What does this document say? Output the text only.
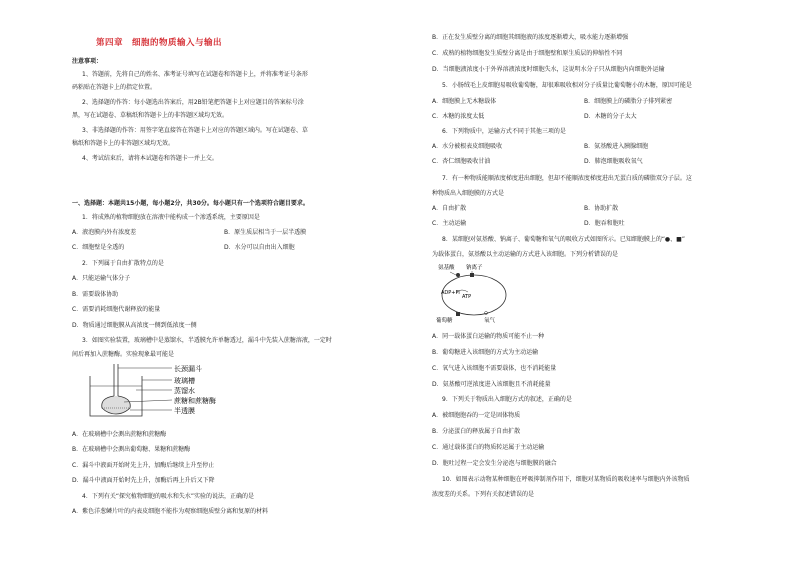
第四章　细胞的物质输入与输出
注意事项：
1、答题前，先将自己的姓名、准考证号填写在试题卷和答题卡上，并将准考证号条形
码粘贴在答题卡上的指定位置。
2、选择题的作答：每小题选出答案后，用2B铅笔把答题卡上对应题目的答案标号涂
黑，写在试题卷、草稿纸和答题卡上的非答题区域均无效。
3、非选择题的作答：用签字笔直接答在答题卡上对应的答题区域内。写在试题卷、草
稿纸和答题卡上的非答题区域均无效。
4、考试结束后，请将本试题卷和答题卡一并上交。
一、选择题：本题共15小题，每小题2分，共30分。每小题只有一个选项符合题目要求。
1．将成熟的植物细胞放在溶液中能构成一个渗透系统，主要原因是
A．液泡膜内外有浓度差	B．原生质层相当于一层半透膜
C．细胞壁是全透的	D．水分可以自由出入细胞
2．下列属于自由扩散特点的是
A．只能运输气体分子
B．需要载体协助
C．需要消耗细胞代谢释放的能量
D．物质通过细胞膜从高浓度一侧到低浓度一侧
3．如图实验装置，玻璃槽中是蒸馏水，半透膜允许单糖透过，漏斗中先装入蔗糖溶液，一定时
间后再加入蔗糖酶。实验现象最可能是
长颈漏斗
玻璃槽
蒸馏水
蔗糖和蔗糖酶
半透膜
A．在玻璃槽中会测出蔗糖和蔗糖酶
B．在玻璃槽中会测出葡萄糖、果糖和蔗糖酶
C．漏斗中液面开始时先上升，加酶后继续上升至停止
D．漏斗中液面开始时先上升，加酶后再上升后又下降
4．下列有关“探究植物细胞的吸水和失水”实验的说法，正确的是
A．紫色洋葱鳞片叶的内表皮细胞不能作为观察细胞质壁分离和复原的材料
B．正在发生质壁分离的细胞其细胞液的浓度逐渐增大，吸水能力逐渐增强
C．成熟的植物细胞发生质壁分离是由于细胞壁和原生质层的伸缩性不同
D．当细胞液浓度小于外界溶液浓度时细胞失水，这说明水分子只从细胞内向细胞外运输
5．小肠绒毛上皮细胞易吸收葡萄糖，却很难吸收相对分子质量比葡萄糖小的木糖，原因可能是
A．细胞膜上无木糖载体	B．细胞膜上的磷脂分子排列紧密
C．木糖的浓度太低	D．木糖的分子太大
6．下列物质中，运输方式不同于其他三项的是
A．水分被根表皮细胞吸收	B．氨基酸进入胰腺细胞
C．杏仁细胞吸收甘油	D．肺泡细胞吸收氧气
7．有一种物质能顺浓度梯度进出细胞，但却不能顺浓度梯度进出无蛋白质的磷脂双分子层。这
种物质出入细胞膜的方式是
A．自由扩散	B．协助扩散
C．主动运输	D．胞吞和胞吐
8．某细胞对氨基酸、钠离子、葡萄糖和氧气的吸收方式如图所示。已知细胞膜上的“●、■”
为载体蛋白，氨基酸以主动运输的方式进入该细胞。下列分析错误的是
氨基酸 钠离子
ADP+Pi
ATP
葡萄糖	氧气
A．同一载体蛋白运输的物质可能不止一种
B．葡萄糖进入该细胞的方式为主动运输
C．氧气进入该细胞不需要载体，也不消耗能量
D．氨基酸可逆浓度进入该细胞且不消耗能量
9．下列关于物质出入细胞方式的叙述，正确的是
A．被细胞胞吞的一定是固体物质
B．分泌蛋白的释放属于自由扩散
C．通过载体蛋白的物质转运属于主动运输
D．胞吐过程一定会发生分泌泡与细胞膜的融合
10．如图表示动物某种细胞在呼吸抑制剂作用下，细胞对某物质的吸收速率与细胞内外该物质
浓度差的关系。下列有关叙述错误的是
